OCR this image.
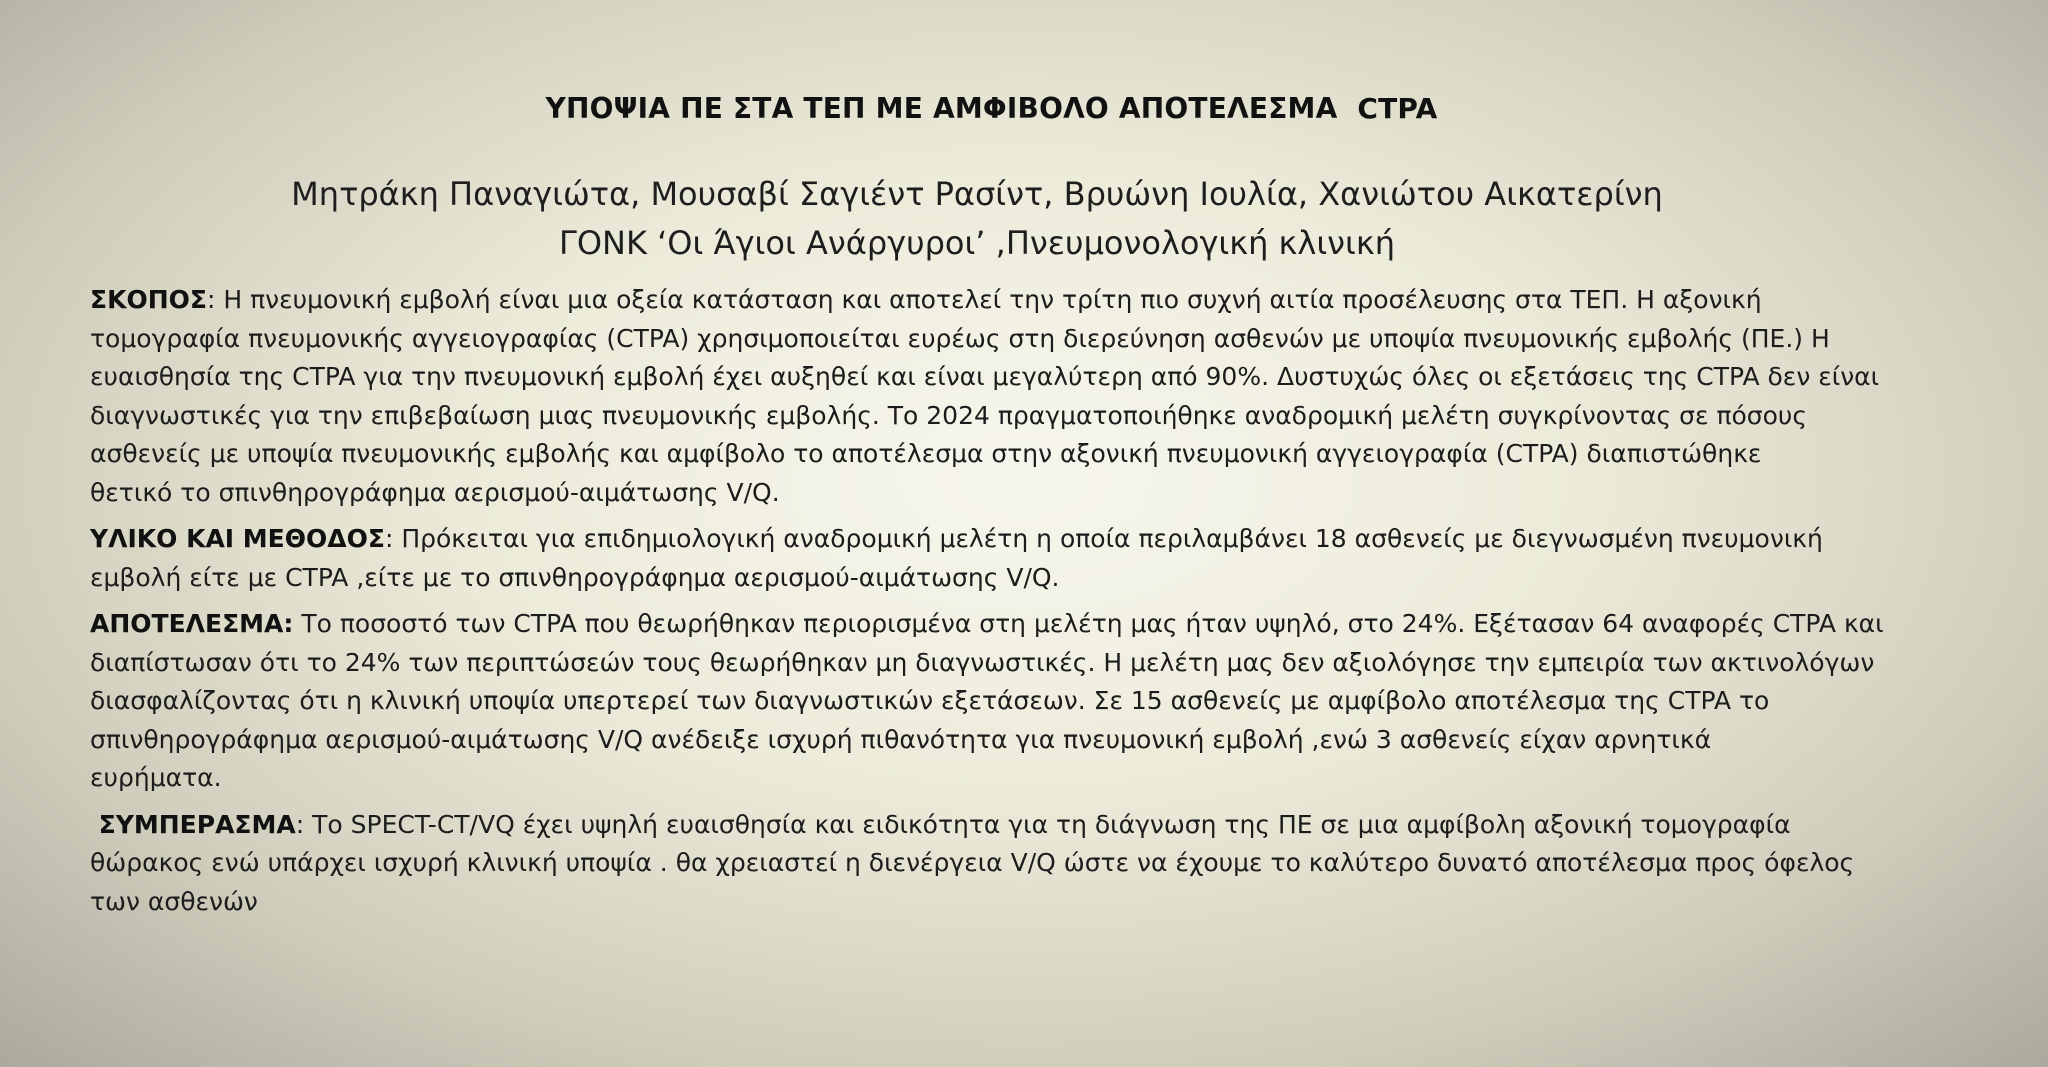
ΥΠΟΨΙΑ ΠΕ ΣΤΑ ΤΕΠ ΜΕ ΑΜΦΙΒΟΛΟ ΑΠΟΤΕΛΕΣΜΑ  CTPA
Μητράκη Παναγιώτα, Μουσαβί Σαγιέντ Ρασίντ, Βρυώνη Ιουλία, Χανιώτου Αικατερίνη
ΓΟΝΚ ‘Οι Άγιοι Ανάργυροι’ ,Πνευμονολογική κλινική
ΣΚΟΠΟΣ: Η πνευμονική εμβολή είναι μια οξεία κατάσταση και αποτελεί την τρίτη πιο συχνή αιτία προσέλευσης στα ΤΕΠ. Η αξονική
τομογραφία πνευμονικής αγγειογραφίας (CTPA) χρησιμοποιείται ευρέως στη διερεύνηση ασθενών με υποψία πνευμονικής εμβολής (ΠΕ.) Η
ευαισθησία της CTPA για την πνευμονική εμβολή έχει αυξηθεί και είναι μεγαλύτερη από 90%. Δυστυχώς όλες οι εξετάσεις της CTPA δεν είναι
διαγνωστικές για την επιβεβαίωση μιας πνευμονικής εμβολής. Το 2024 πραγματοποιήθηκε αναδρομική μελέτη συγκρίνοντας σε πόσους
ασθενείς με υποψία πνευμονικής εμβολής και αμφίβολο το αποτέλεσμα στην αξονική πνευμονική αγγειογραφία (CTPA) διαπιστώθηκε
θετικό το σπινθηρογράφημα αερισμού-αιμάτωσης V/Q.
ΥΛΙΚΟ ΚΑΙ ΜΕΘΟΔΟΣ: Πρόκειται για επιδημιολογική αναδρομική μελέτη η οποία περιλαμβάνει 18 ασθενείς με διεγνωσμένη πνευμονική
εμβολή είτε με CTPA ,είτε με το σπινθηρογράφημα αερισμού-αιμάτωσης V/Q.
ΑΠΟΤΕΛΕΣΜΑ: Το ποσοστό των CTPA που θεωρήθηκαν περιορισμένα στη μελέτη μας ήταν υψηλό, στο 24%. Εξέτασαν 64 αναφορές CTPA και
διαπίστωσαν ότι το 24% των περιπτώσεών τους θεωρήθηκαν μη διαγνωστικές. Η μελέτη μας δεν αξιολόγησε την εμπειρία των ακτινολόγων
διασφαλίζοντας ότι η κλινική υποψία υπερτερεί των διαγνωστικών εξετάσεων. Σε 15 ασθενείς με αμφίβολο αποτέλεσμα της CTPA το
σπινθηρογράφημα αερισμού-αιμάτωσης V/Q ανέδειξε ισχυρή πιθανότητα για πνευμονική εμβολή ,ενώ 3 ασθενείς είχαν αρνητικά
ευρήματα.
ΣΥΜΠΕΡΑΣΜΑ: Το SPECT-CT/VQ έχει υψηλή ευαισθησία και ειδικότητα για τη διάγνωση της ΠΕ σε μια αμφίβολη αξονική τομογραφία
θώρακος ενώ υπάρχει ισχυρή κλινική υποψία . θα χρειαστεί η διενέργεια V/Q ώστε να έχουμε το καλύτερο δυνατό αποτέλεσμα προς όφελος
των ασθενών
